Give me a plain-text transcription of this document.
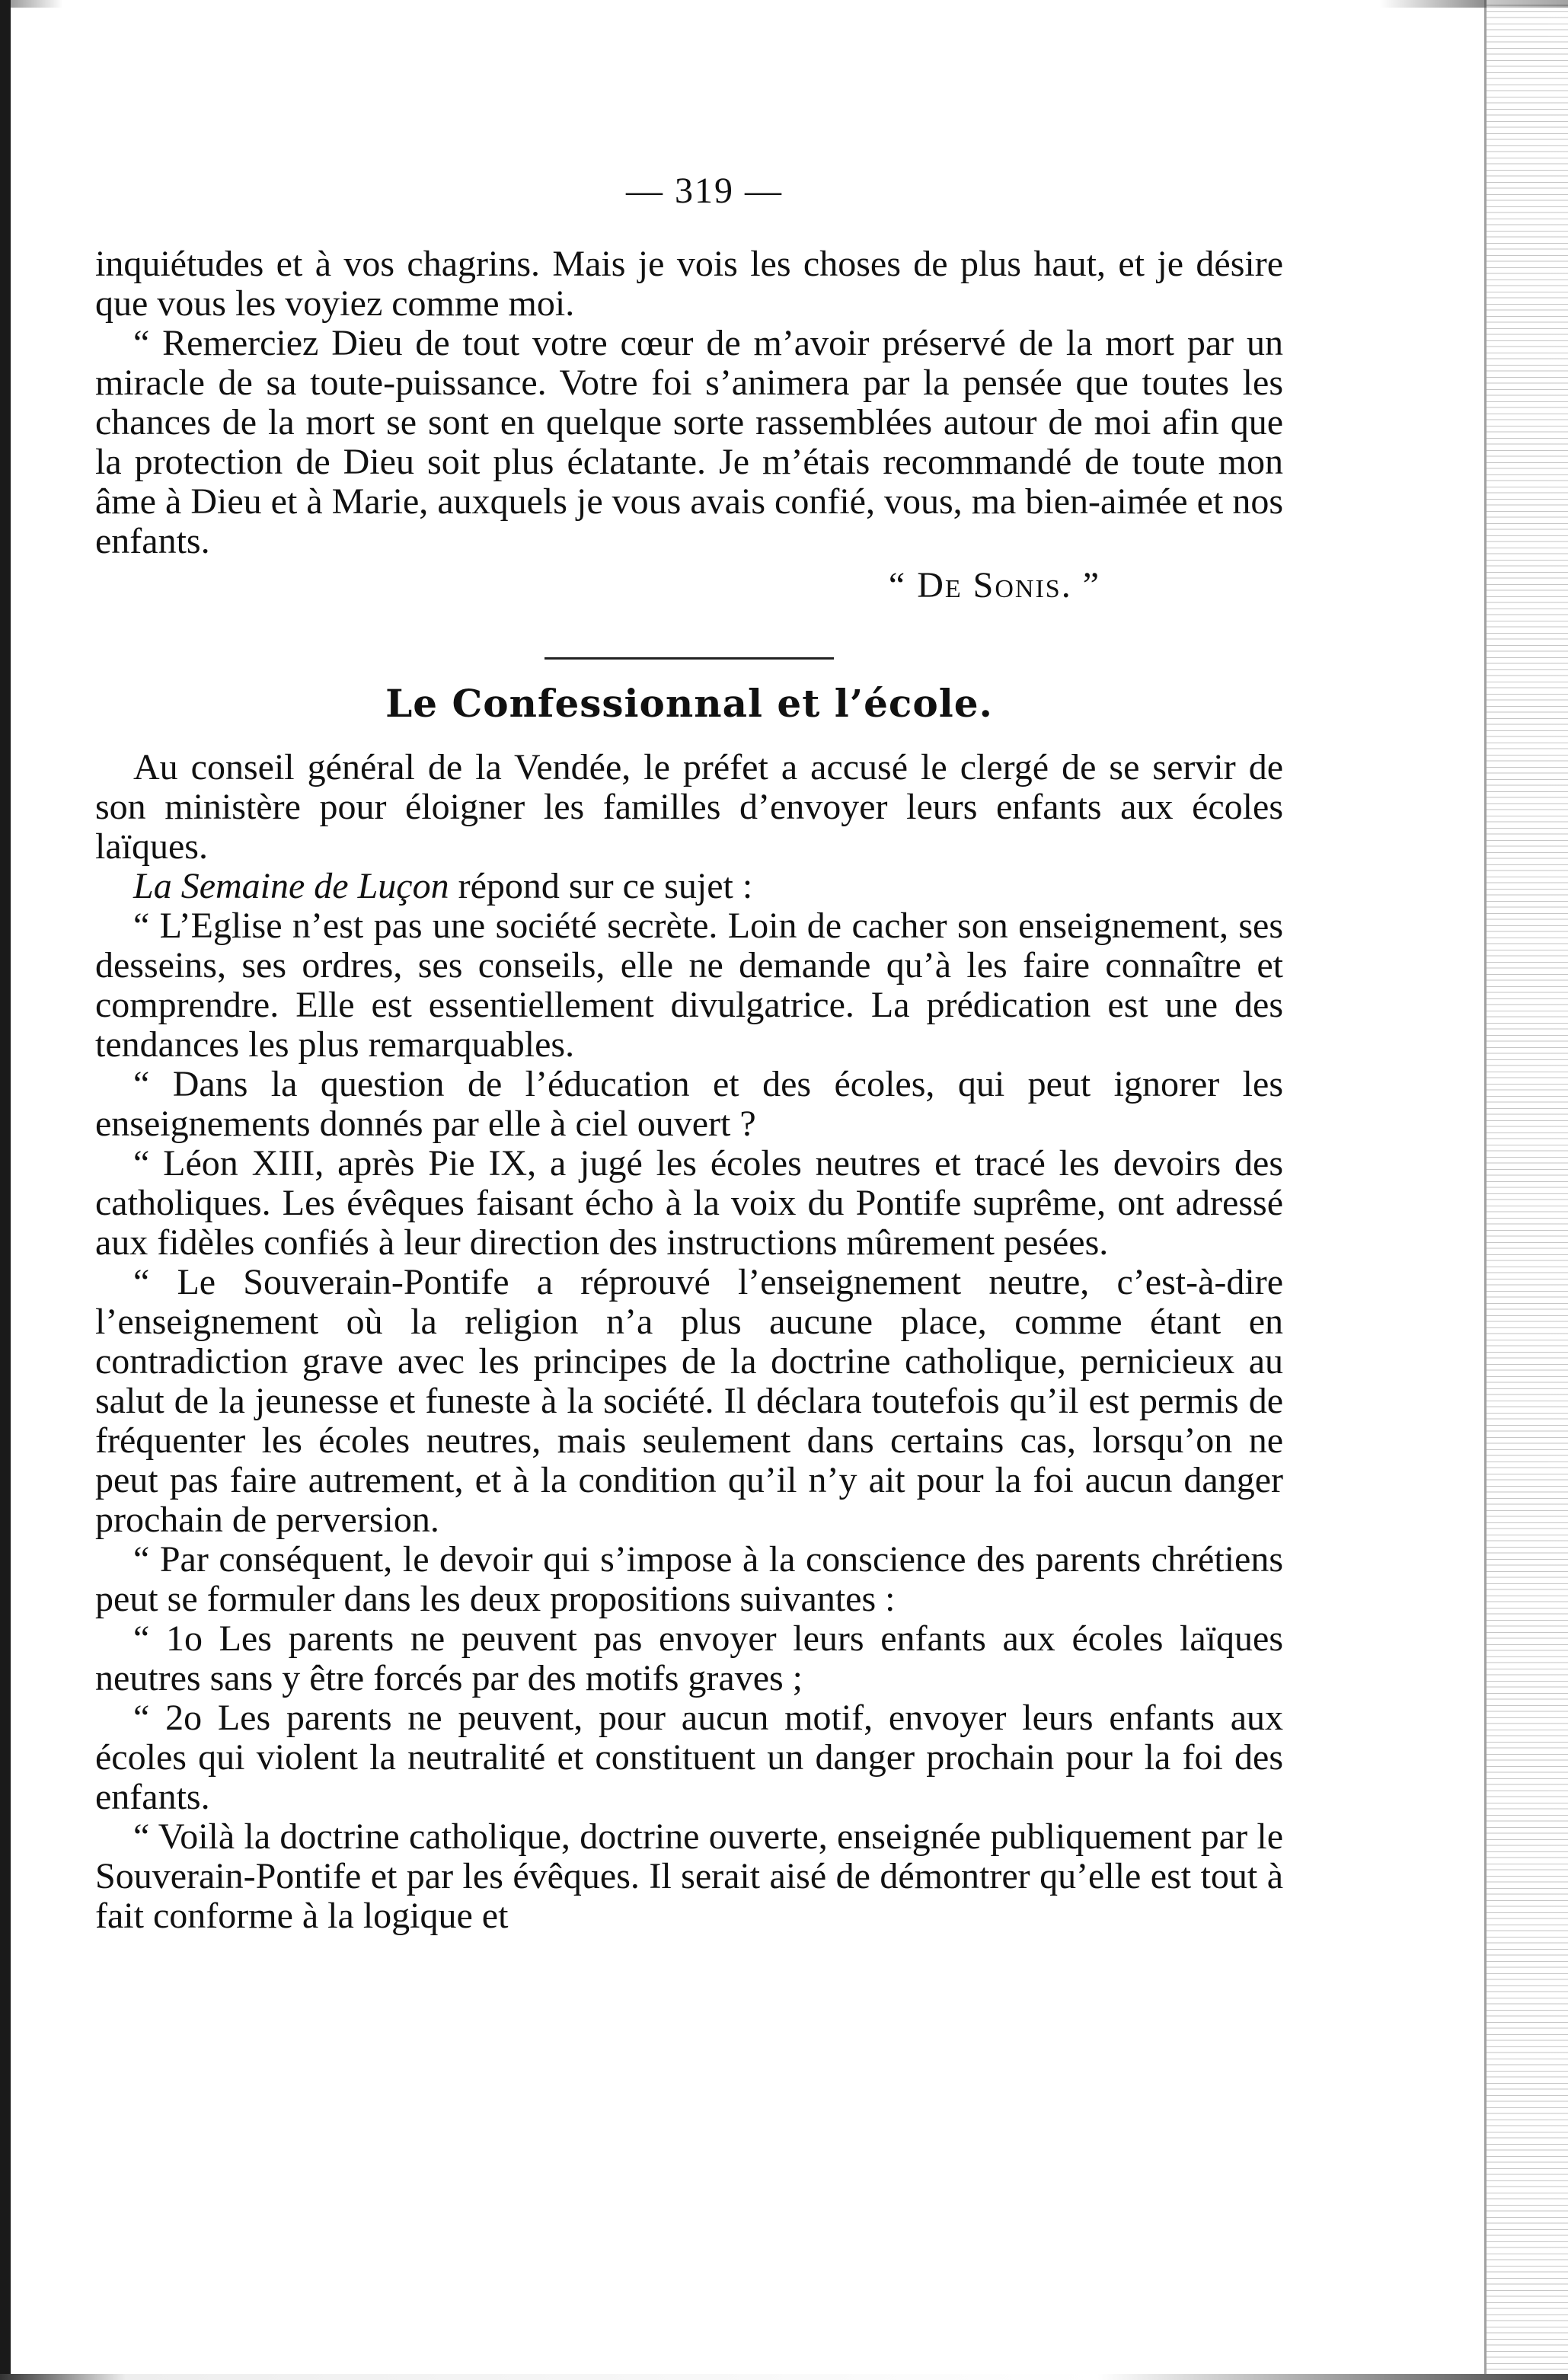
— 319 —

inquiétudes et à vos chagrins. Mais je vois les choses de plus haut, et je désire que vous les voyiez comme moi.

“ Remerciez Dieu de tout votre cœur de m’avoir préservé de la mort par un miracle de sa toute-puissance. Votre foi s’animera par la pensée que toutes les chances de la mort se sont en quelque sorte rassemblées autour de moi afin que la protection de Dieu soit plus éclatante. Je m’étais recommandé de toute mon âme à Dieu et à Marie, auxquels je vous avais confié, vous, ma bien-aimée et nos enfants.

“ De Sonis. ”
Le Confessionnal et l’école.

Au conseil général de la Vendée, le préfet a accusé le clergé de se servir de son ministère pour éloigner les familles d’envoyer leurs enfants aux écoles laïques.

La Semaine de Luçon répond sur ce sujet :

“ L’Eglise n’est pas une société secrète. Loin de cacher son enseignement, ses desseins, ses ordres, ses conseils, elle ne demande qu’à les faire connaître et comprendre. Elle est essentiellement divulgatrice. La prédication est une des tendances les plus remarquables.

“ Dans la question de l’éducation et des écoles, qui peut ignorer les enseignements donnés par elle à ciel ouvert ?

“ Léon XIII, après Pie IX, a jugé les écoles neutres et tracé les devoirs des catholiques. Les évêques faisant écho à la voix du Pontife suprême, ont adressé aux fidèles confiés à leur direction des instructions mûrement pesées.

“ Le Souverain-Pontife a réprouvé l’enseignement neutre, c’est-à-dire l’enseignement où la religion n’a plus aucune place, comme étant en contradiction grave avec les principes de la doctrine catholique, pernicieux au salut de la jeunesse et funeste à la société. Il déclara toutefois qu’il est permis de fréquenter les écoles neutres, mais seulement dans certains cas, lorsqu’on ne peut pas faire autrement, et à la condition qu’il n’y ait pour la foi aucun danger prochain de perversion.

“ Par conséquent, le devoir qui s’impose à la conscience des parents chrétiens peut se formuler dans les deux propositions suivantes :

“ 1o Les parents ne peuvent pas envoyer leurs enfants aux écoles laïques neutres sans y être forcés par des motifs graves ;

“ 2o Les parents ne peuvent, pour aucun motif, envoyer leurs enfants aux écoles qui violent la neutralité et constituent un danger prochain pour la foi des enfants.

“ Voilà la doctrine catholique, doctrine ouverte, enseignée publiquement par le Souverain-Pontife et par les évêques. Il serait aisé de démontrer qu’elle est tout à fait conforme à la logique et
